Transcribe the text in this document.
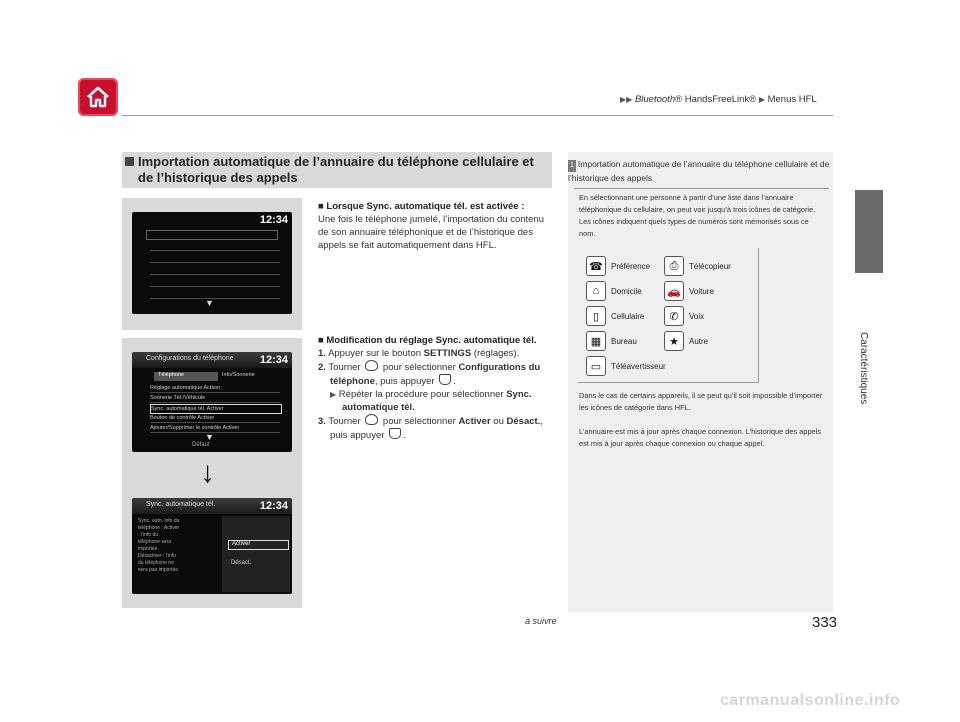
▶▶ Bluetooth® HandsFreeLink® ▶ Menus HFL
Caractéristiques
Importation automatique de l’annuaire du téléphone cellulaire et de l’historique des appels
12:34
▼
Configurations du téléphone 12:34
Téléphone	Info/Sonnerie
Réglage automatique Activer
Sonnerie Tél./Véhicule
Sync. automatique tél. Activer
Bouton de contrôle Activer
Ajouter/Supprimer le contrôle Activer
▼
Défaut
↓
Sync. automatique tél.	12:34
Sync. auto. info du téléphone : Activer : l’info du téléphone sera importée. Désactiver : l’info du téléphone ne sera pas importée.
Activer
Désact.
■ Lorsque Sync. automatique tél. est activée :
Une fois le téléphone jumelé, l’importation du contenu de son annuaire téléphonique et de l’historique des appels se fait automatiquement dans HFL.
■ Modification du réglage Sync. automatique tél.
1. Appuyer sur le bouton SETTINGS (réglages).
2. Tourner pour sélectionner Configurations du téléphone, puis appuyer .
▶ Répéter la procédure pour sélectionner Sync. automatique tél.
3. Tourner pour sélectionner Activer ou Désact., puis appuyer .
1 Importation automatique de l’annuaire du téléphone cellulaire et de l’historique des appels
En sélectionnant une personne à partir d’une liste dans l’annuaire téléphonique du cellulaire, on peut voir jusqu’à trois icônes de catégorie. Les icônes indiquent quels types de numéros sont mémorisés sous ce nom.
☎	Préférence	⎙	Télécopieur
⌂	Domicile 🚗	Voiture
▯	Cellulaire	✆	Voix
▦	Bureau	★	Autre
▭	Téléavertisseur
Dans le cas de certains appareils, il se peut qu’il soit impossible d’importer les icônes de catégorie dans HFL.
L’annuaire est mis à jour après chaque connexion. L’historique des appels est mis à jour après chaque connexion ou chaque appel.
à suivre	333
carmanualsonline.info
